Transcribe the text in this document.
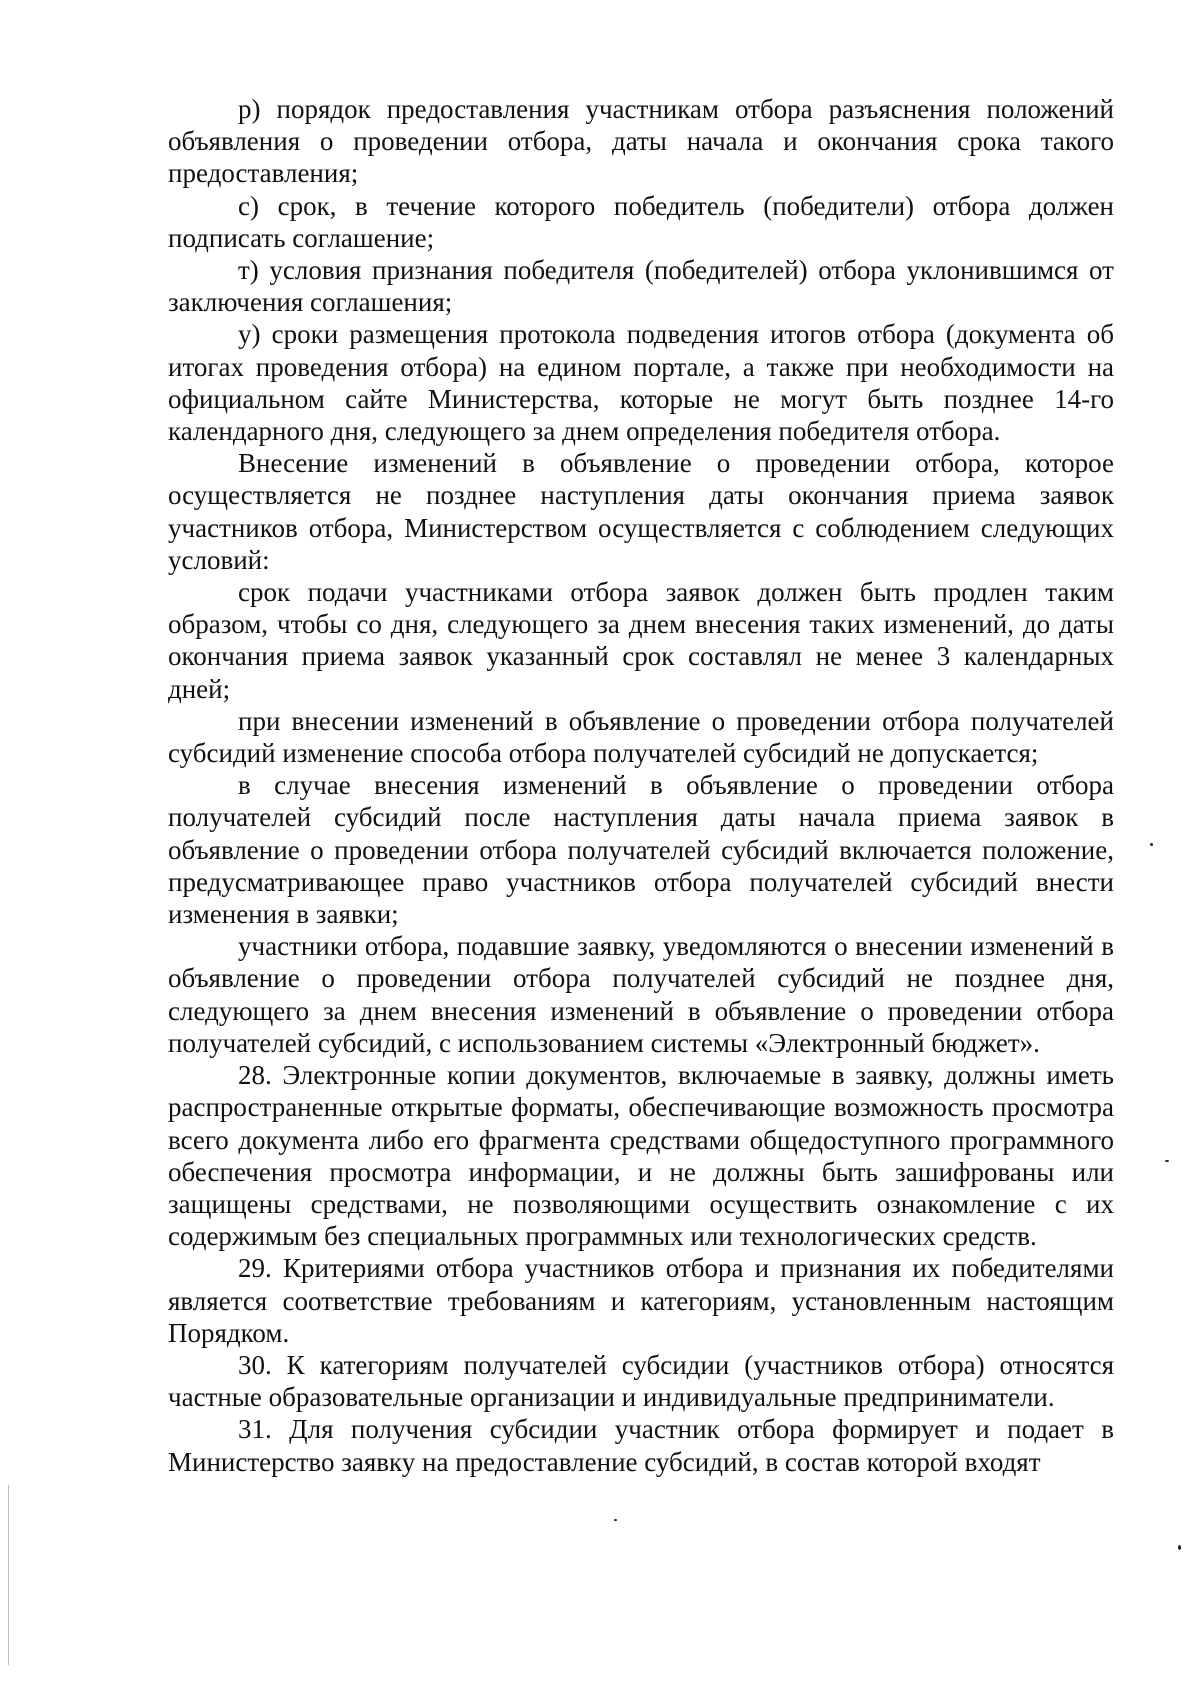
р) порядок предоставления участникам отбора разъяснения положений объявления о проведении отбора, даты начала и окончания срока такого предоставления;

с) срок, в течение которого победитель (победители) отбора должен подписать соглашение;

т) условия признания победителя (победителей) отбора уклонившимся от заключения соглашения;

у) сроки размещения протокола подведения итогов отбора (документа об итогах проведения отбора) на едином портале, а также при необходимости на официальном сайте Министерства, которые не могут быть позднее 14-го календарного дня, следующего за днем определения победителя отбора.

Внесение изменений в объявление о проведении отбора, которое осуществляется не позднее наступления даты окончания приема заявок участников отбора, Министерством осуществляется с соблюдением следующих условий:

срок подачи участниками отбора заявок должен быть продлен таким образом, чтобы со дня, следующего за днем внесения таких изменений, до даты окончания приема заявок указанный срок составлял не менее 3 календарных дней;

при внесении изменений в объявление о проведении отбора получателей субсидий изменение способа отбора получателей субсидий не допускается;

в случае внесения изменений в объявление о проведении отбора получателей субсидий после наступления даты начала приема заявок в объявление о проведении отбора получателей субсидий включается положение, предусматривающее право участников отбора получателей субсидий внести изменения в заявки;

участники отбора, подавшие заявку, уведомляются о внесении изменений в объявление о проведении отбора получателей субсидий не позднее дня, следующего за днем внесения изменений в объявление о проведении отбора получателей субсидий, с использованием системы «Электронный бюджет».

28. Электронные копии документов, включаемые в заявку, должны иметь распространенные открытые форматы, обеспечивающие возможность просмотра всего документа либо его фрагмента средствами общедоступного программного обеспечения просмотра информации, и не должны быть зашифрованы или защищены средствами, не позволяющими осуществить ознакомление с их содержимым без специальных программных или технологических средств.

29. Критериями отбора участников отбора и признания их победителями является соответствие требованиям и категориям, установленным настоящим Порядком.

30. К категориям получателей субсидии (участников отбора) относятся частные образовательные организации и индивидуальные предприниматели.

31. Для получения субсидии участник отбора формирует и подает в Министерство заявку на предоставление субсидий, в состав которой входят
